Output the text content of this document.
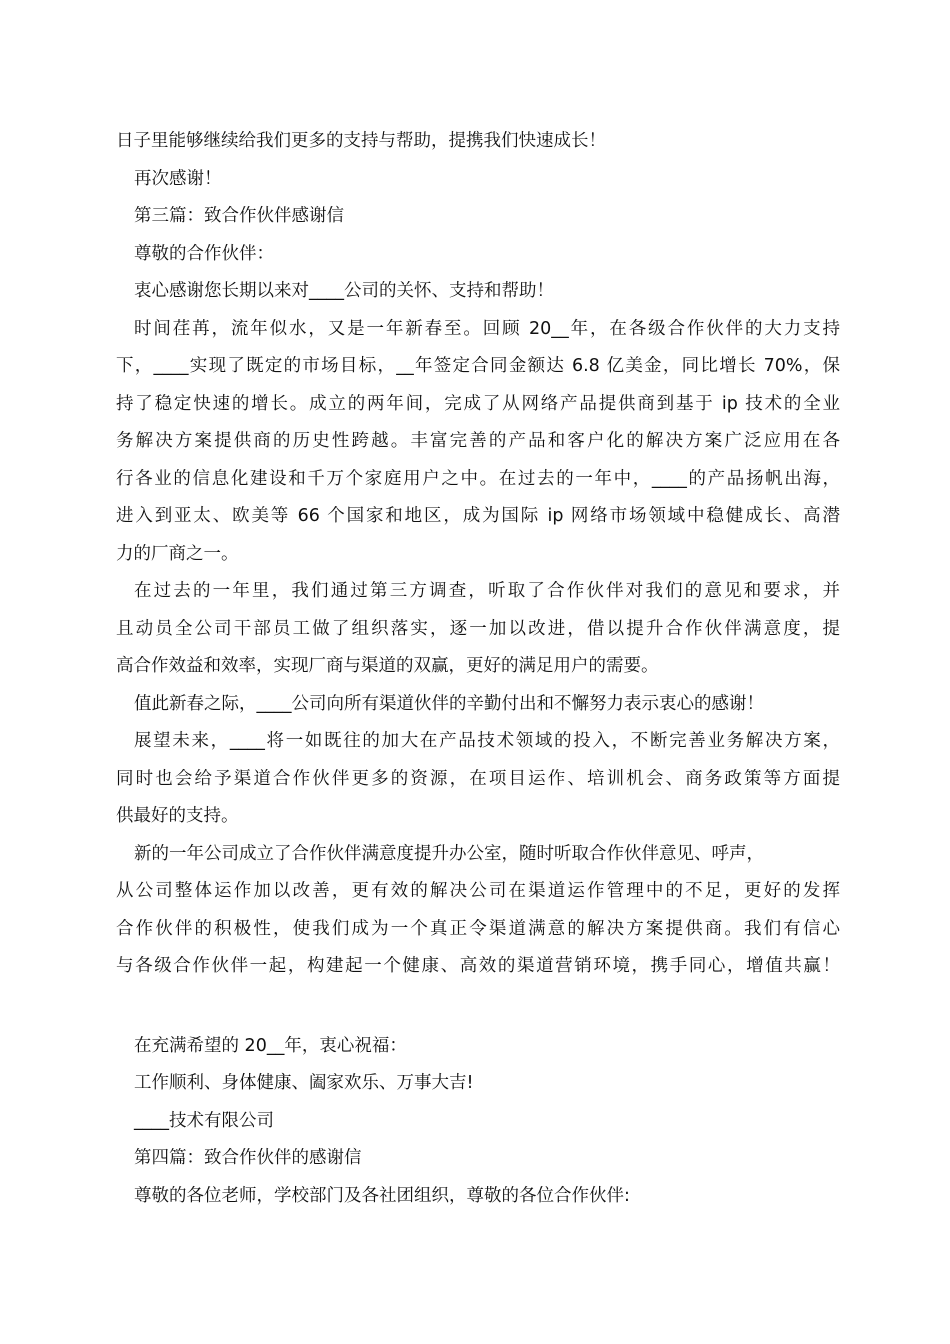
日子里能够继续给我们更多的支持与帮助，提携我们快速成长！
再次感谢！
第三篇：致合作伙伴感谢信
尊敬的合作伙伴：
衷心感谢您长期以来对____公司的关怀、支持和帮助！
时间荏苒，流年似水，又是一年新春至。回顾 20__年，在各级合作伙伴的大力支持
下，____实现了既定的市场目标，__年签定合同金额达 6.8 亿美金，同比增长 70%，保
持了稳定快速的增长。成立的两年间，完成了从网络产品提供商到基于 ip 技术的全业
务解决方案提供商的历史性跨越。丰富完善的产品和客户化的解决方案广泛应用在各
行各业的信息化建设和千万个家庭用户之中。在过去的一年中，____的产品扬帆出海，
进入到亚太、欧美等 66 个国家和地区，成为国际 ip 网络市场领域中稳健成长、高潜
力的厂商之一。
在过去的一年里，我们通过第三方调查，听取了合作伙伴对我们的意见和要求，并
且动员全公司干部员工做了组织落实，逐一加以改进，借以提升合作伙伴满意度，提
高合作效益和效率，实现厂商与渠道的双赢，更好的满足用户的需要。
值此新春之际，____公司向所有渠道伙伴的辛勤付出和不懈努力表示衷心的感谢！
展望未来，____将一如既往的加大在产品技术领域的投入，不断完善业务解决方案，
同时也会给予渠道合作伙伴更多的资源，在项目运作、培训机会、商务政策等方面提
供最好的支持。
新的一年公司成立了合作伙伴满意度提升办公室，随时听取合作伙伴意见、呼声，
从公司整体运作加以改善，更有效的解决公司在渠道运作管理中的不足，更好的发挥
合作伙伴的积极性，使我们成为一个真正令渠道满意的解决方案提供商。我们有信心
与各级合作伙伴一起，构建起一个健康、高效的渠道营销环境，携手同心，增值共赢！
在充满希望的 20__年，衷心祝福：
工作顺利、身体健康、阖家欢乐、万事大吉!
____技术有限公司
第四篇：致合作伙伴的感谢信
尊敬的各位老师，学校部门及各社团组织，尊敬的各位合作伙伴:
